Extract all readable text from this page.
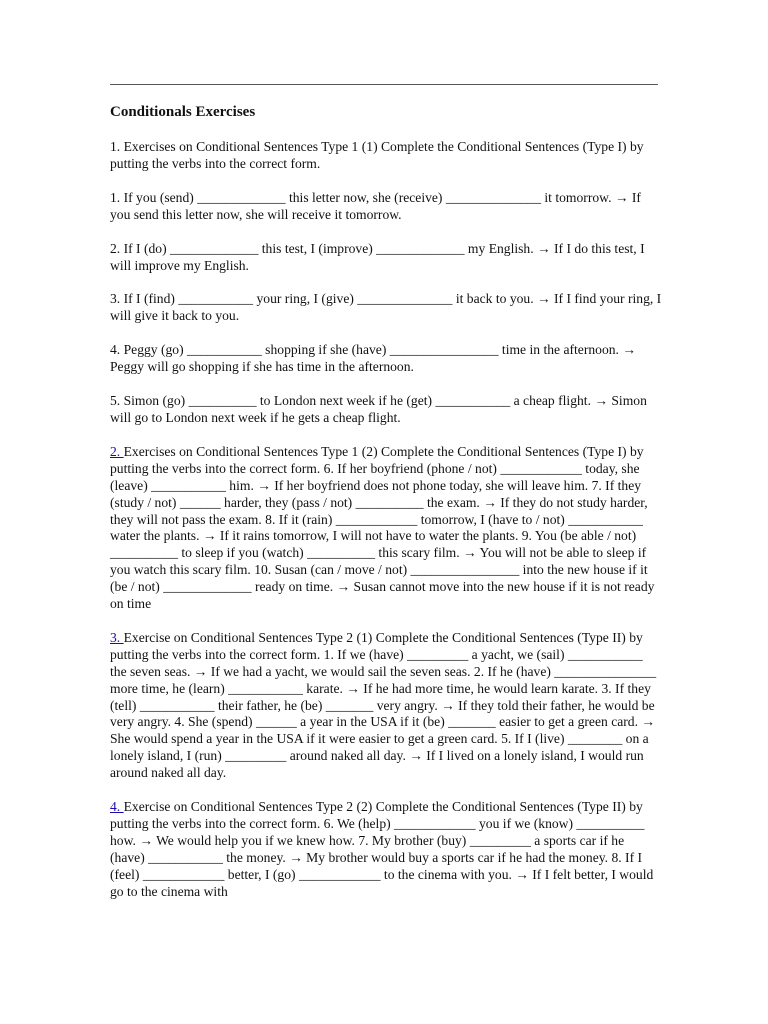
Conditionals Exercises

1. Exercises on Conditional Sentences Type 1 (1) Complete the Conditional Sentences (Type I) by putting the verbs into the correct form.

1. If you (send) _____________ this letter now, she (receive) ______________ it tomorrow. → If you send this letter now, she will receive it tomorrow.

2. If I (do) _____________ this test, I (improve) _____________ my English. → If I do this test, I will improve my English.

3. If I (find) ___________ your ring, I (give) ______________ it back to you. → If I find your ring, I will give it back to you.

4. Peggy (go) ___________ shopping if she (have) ________________ time in the afternoon. → Peggy will go shopping if she has time in the afternoon.

5. Simon (go) __________ to London next week if he (get) ___________ a cheap flight. → Simon will go to London next week if he gets a cheap flight.

2. Exercises on Conditional Sentences Type 1 (2) Complete the Conditional Sentences (Type I) by putting the verbs into the correct form. 6. If her boyfriend (phone / not) ____________ today, she (leave) ___________ him. → If her boyfriend does not phone today, she will leave him. 7. If they (study / not) ______ harder, they (pass / not) __________ the exam. → If they do not study harder, they will not pass the exam. 8. If it (rain) ____________ tomorrow, I (have to / not) ___________ water the plants. → If it rains tomorrow, I will not have to water the plants. 9. You (be able / not) __________ to sleep if you (watch) __________ this scary film. → You will not be able to sleep if you watch this scary film. 10. Susan (can / move / not) ________________ into the new house if it (be / not) _____________ ready on time. → Susan cannot move into the new house if it is not ready on time

3. Exercise on Conditional Sentences Type 2 (1) Complete the Conditional Sentences (Type II) by putting the verbs into the correct form. 1. If we (have) _________ a yacht, we (sail) ___________ the seven seas. → If we had a yacht, we would sail the seven seas. 2. If he (have) _______________ more time, he (learn) ___________ karate. → If he had more time, he would learn karate. 3. If they (tell) ___________ their father, he (be) _______ very angry. → If they told their father, he would be very angry. 4. She (spend) ______ a year in the USA if it (be) _______ easier to get a green card. → She would spend a year in the USA if it were easier to get a green card. 5. If I (live) ________ on a lonely island, I (run) _________ around naked all day. → If I lived on a lonely island, I would run around naked all day.

4. Exercise on Conditional Sentences Type 2 (2) Complete the Conditional Sentences (Type II) by putting the verbs into the correct form. 6. We (help) ____________ you if we (know) __________ how. → We would help you if we knew how. 7. My brother (buy) _________ a sports car if he (have) ___________ the money. → My brother would buy a sports car if he had the money. 8. If I (feel) ____________ better, I (go) ____________ to the cinema with you. → If I felt better, I would go to the cinema with
